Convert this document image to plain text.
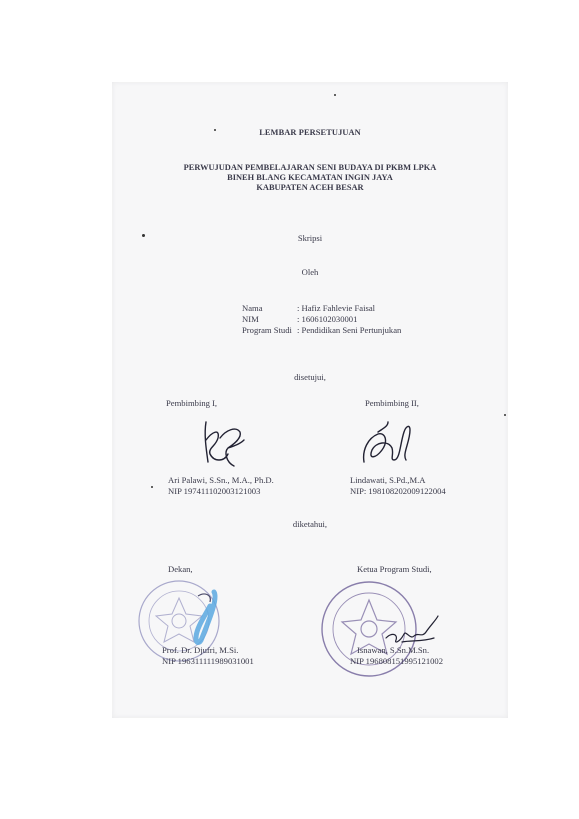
LEMBAR PERSETUJUAN
PERWUJUDAN PEMBELAJARAN SENI BUDAYA DI PKBM LPKA
BINEH BLANG KECAMATAN INGIN JAYA
KABUPATEN ACEH BESAR
Skripsi
Oleh
Nama	: Hafiz Fahlevie Faisal
NIM	: 1606102030001
Program Studi : Pendidikan Seni Pertunjukan
disetujui,
Pembimbing I,	Pembimbing II,
Ari Palawi, S.Sn., M.A., Ph.D.
NIP 197411102003121003
Lindawati, S.Pd.,M.A
NIP: 198108202009122004
diketahui,
Dekan,	Ketua Program Studi,
Prof. Dr. Djufri, M.Si.
NIP 196311111989031001
Isnawan, S.Sn.M.Sn.
NIP 196808151995121002
